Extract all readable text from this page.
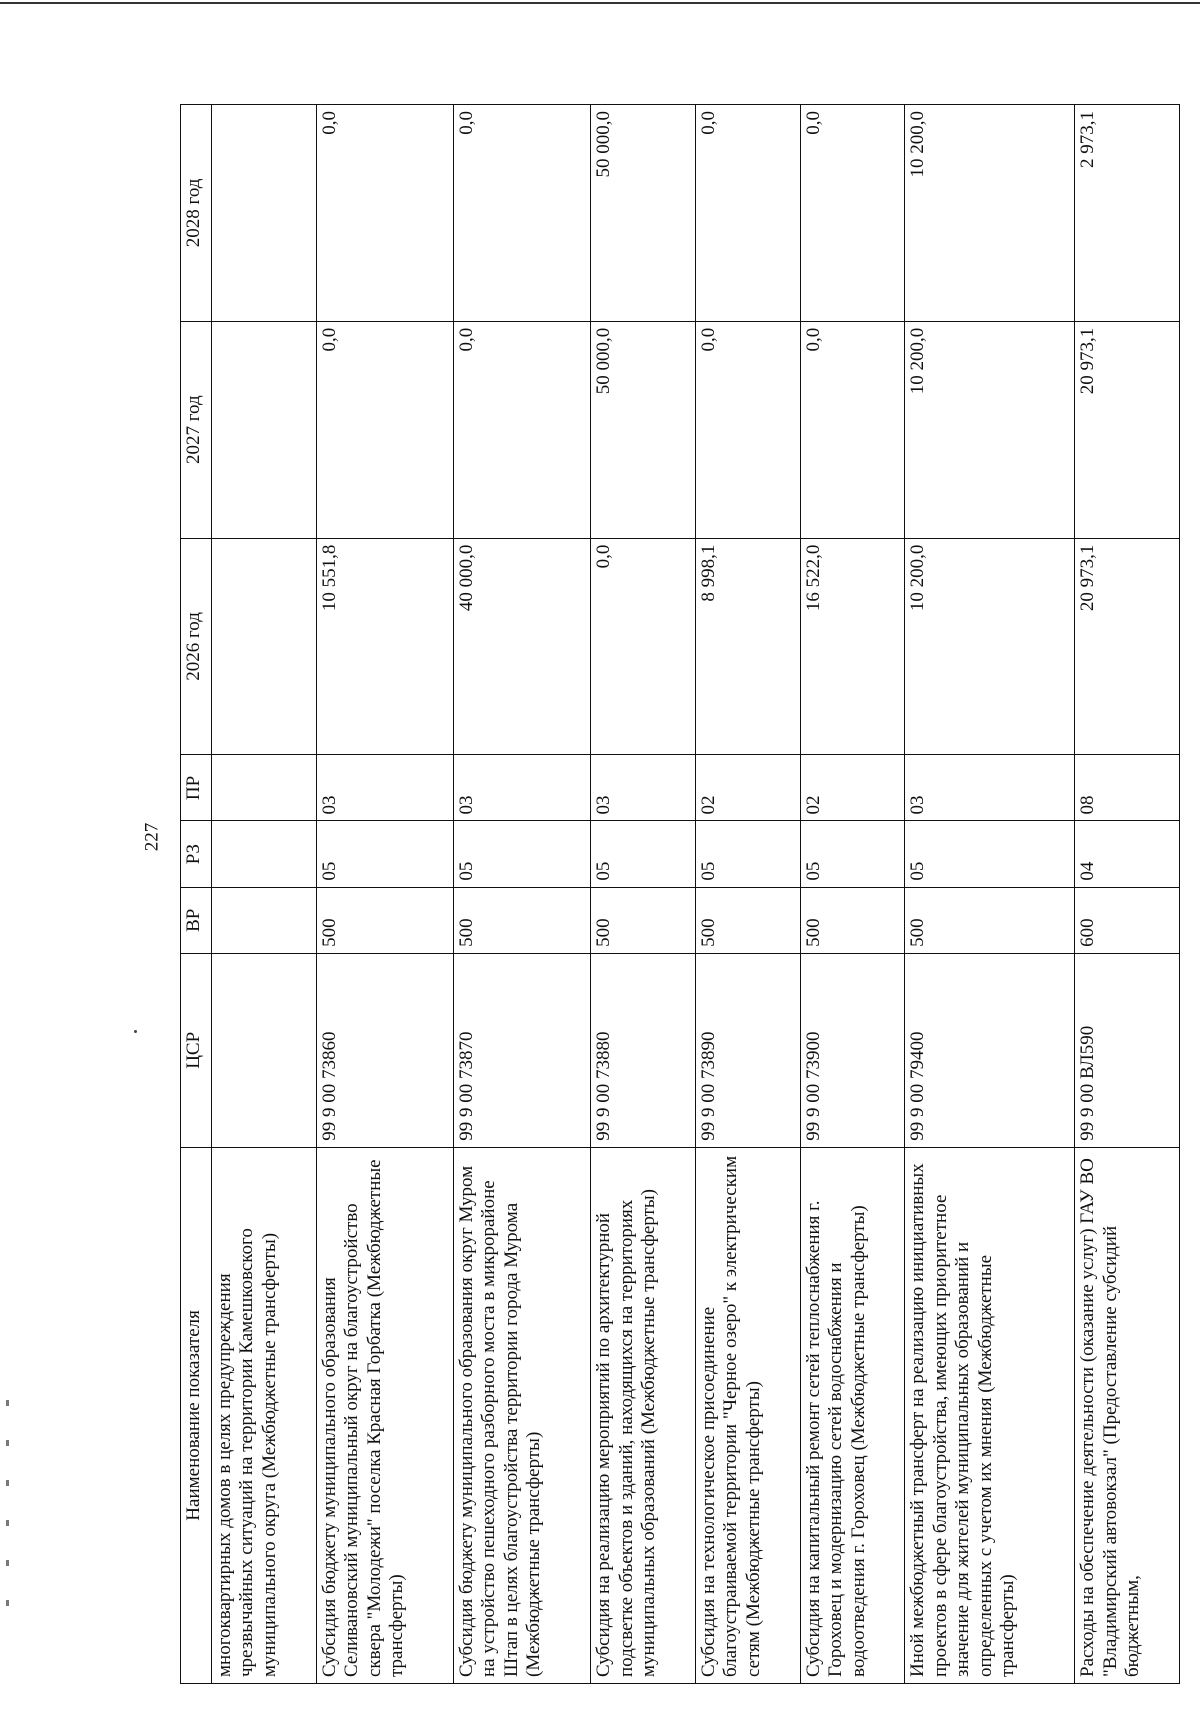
227
Наименование показателя	ЦСР	ВР	РЗ	ПР	2026 год	2027 год	2028 год
многоквартирных домов в целях предупреждения чрезвычайных ситуаций на территории Камешковского муниципального округа (Межбюджетные трансферты)							
Субсидия бюджету муниципального образования Селивановский муниципальный округ на благоустройство сквера "Молодежи" поселка Красная Горбатка (Межбюджетные трансферты)	99 9 00 73860	500	05	03	10 551,8	0,0	0,0
Субсидия бюджету муниципального образования округ Муром на устройство пешеходного разборного моста в микрорайоне Штап в целях благоустройства территории города Мурома (Межбюджетные трансферты)	99 9 00 73870	500	05	03	40 000,0	0,0	0,0
Субсидия на реализацию мероприятий по архитектурной подсветке объектов и зданий, находящихся на территориях муниципальных образований (Межбюджетные трансферты)	99 9 00 73880	500	05	03	0,0	50 000,0	50 000,0
Субсидия на технологическое присоединение благоустраиваемой территории "Черное озеро" к электрическим сетям (Межбюджетные трансферты)	99 9 00 73890	500	05	02	8 998,1	0,0	0,0
Субсидия на капитальный ремонт сетей теплоснабжения г. Гороховец и модернизацию сетей водоснабжения и водоотведения г. Гороховец (Межбюджетные трансферты)	99 9 00 73900	500	05	02	16 522,0	0,0	0,0
Иной межбюджетный трансферт на реализацию инициативных проектов в сфере благоустройства, имеющих приоритетное значение для жителей муниципальных образований и определенных с учетом их мнения (Межбюджетные трансферты)	99 9 00 79400	500	05	03	10 200,0	10 200,0	10 200,0
Расходы на обеспечение деятельности (оказание услуг) ГАУ ВО "Владимирский автовокзал" (Предоставление субсидий бюджетным,	99 9 00 ВЛ590	600	04	08	20 973,1	20 973,1	2 973,1
